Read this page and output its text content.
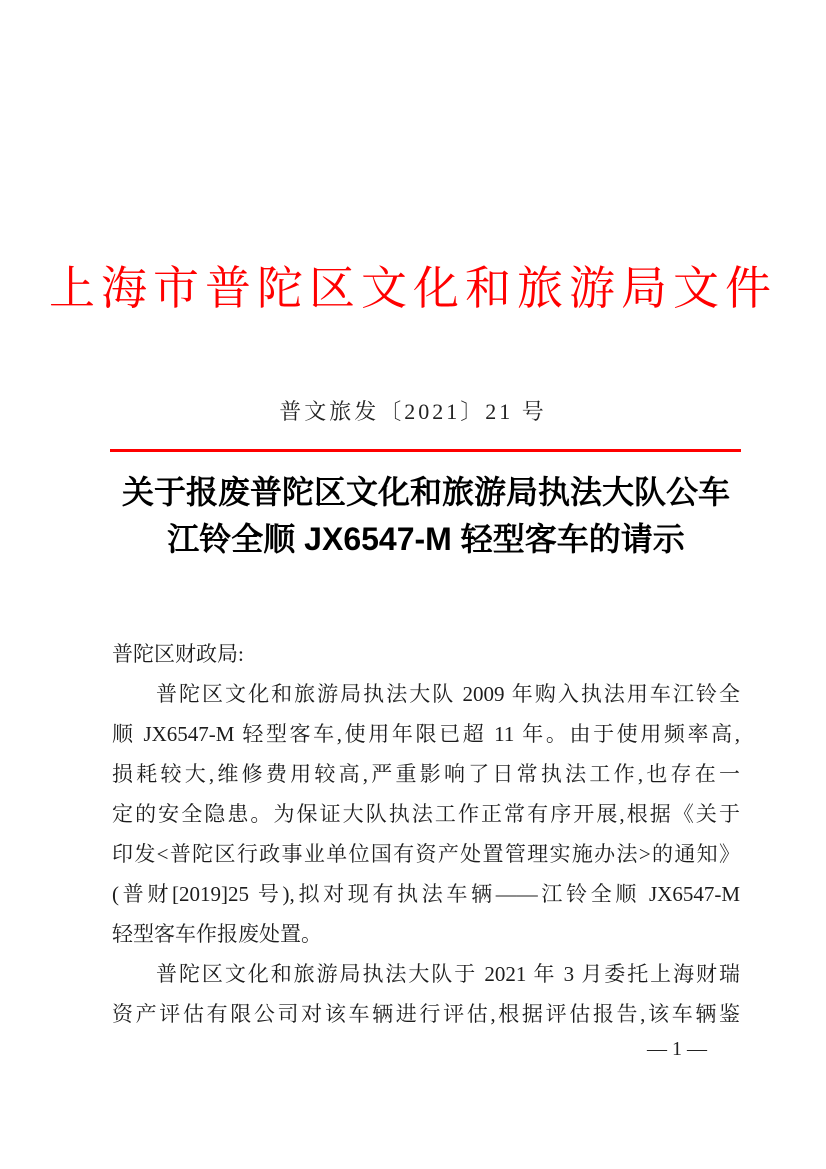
上海市普陀区文化和旅游局文件
普文旅发〔2021〕21 号
关于报废普陀区文化和旅游局执法大队公车
江铃全顺 JX6547-M 轻型客车的请示
普陀区财政局:
普陀区文化和旅游局执法大队 2009 年购入执法用车江铃全
顺 JX6547-M 轻型客车,使用年限已超 11 年。由于使用频率高,
损耗较大,维修费用较高,严重影响了日常执法工作,也存在一
定的安全隐患。为保证大队执法工作正常有序开展,根据《关于
印发<普陀区行政事业单位国有资产处置管理实施办法>的通知》
(普财[2019]25 号),拟对现有执法车辆——江铃全顺 JX6547-M
轻型客车作报废处置。
普陀区文化和旅游局执法大队于 2021 年 3 月委托上海财瑞
资产评估有限公司对该车辆进行评估,根据评估报告,该车辆鉴
— 1 —
